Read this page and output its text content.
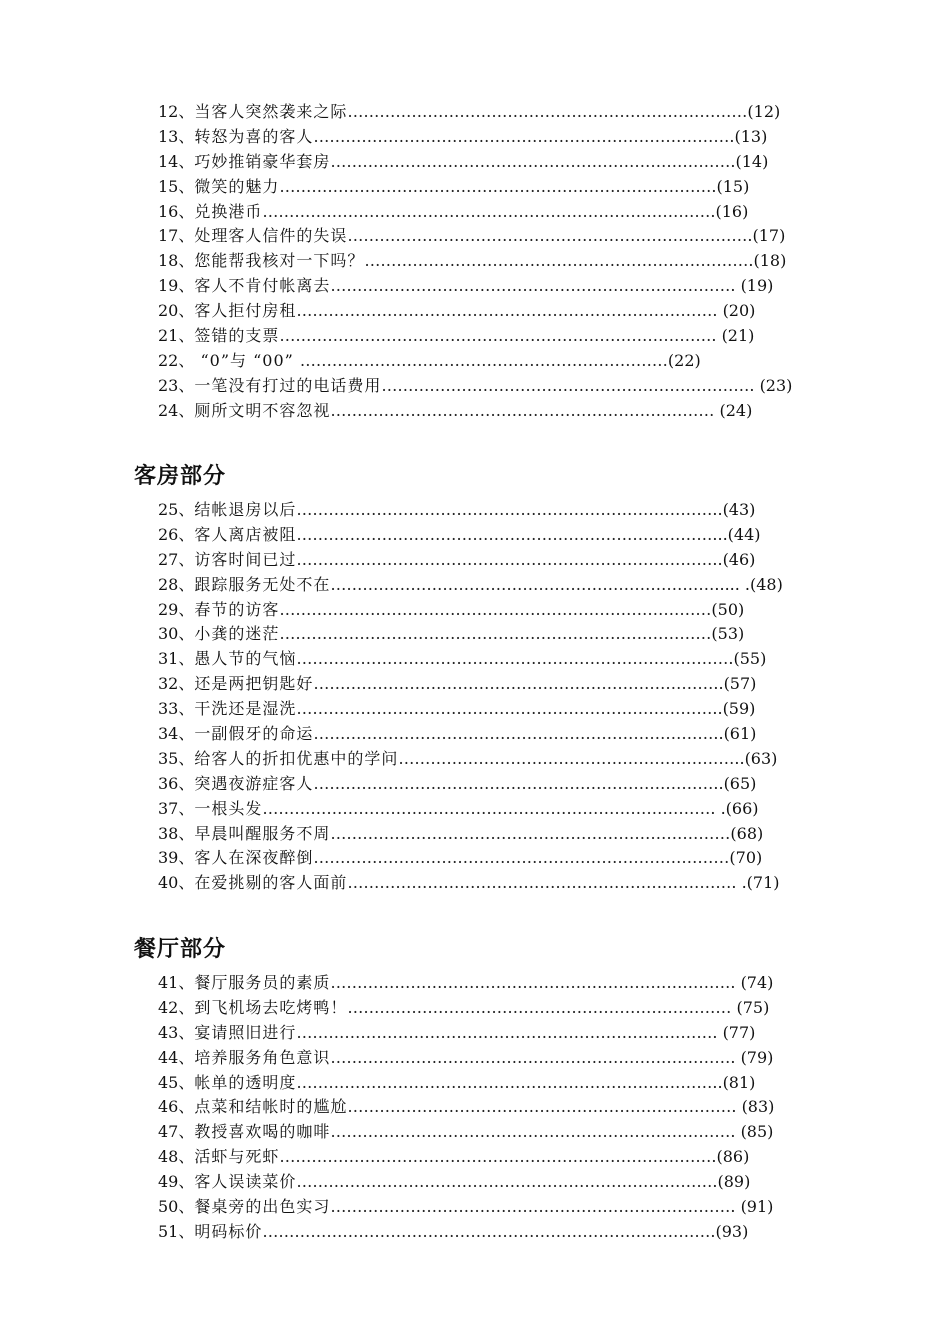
12、当客人突然袭来之际…………………………………………………………………(12)
13、转怒为喜的客人…………………………………………………………………….(13)
14、巧妙推销豪华套房………………………………………………………………….(14)
15、微笑的魅力……………………………………………………………………….(15)
16、兑换港币………………………………………………………………………….(16)
17、处理客人信件的失误………………………………………………………………….(17)
18、您能帮我核对一下吗？……………………………………………………………….(18)
19、客人不肯付帐离去…………………………………………………………………. (19)
20、客人拒付房租……………………………………………………………………. (20)
21、签错的支票………………………………………………………………………. (21)
22、 “0”与 “00” ……………………………………………………………(22)
23、一笔没有打过的电话费用……………………………………………………………. (23)
24、厕所文明不容忽视……………………………………………………………… (24)
客房部分
25、结帐退房以后……………………………………………………………………..(43)
26、客人离店被阻……………………………………………………………………...(44)
27、访客时间已过……………………………………………………………………..(46)
28、跟踪服务无处不在………………………………………………………………..... .(48)
29、春节的访客………………………………………………………………………(50)
30、小龚的迷茫………………………………………………………………………(53)
31、愚人节的气恼……………………………………………………………………….(55)
32、还是两把钥匙好…………………………………………………………………..(57)
33、干洗还是湿洗……………………………………………………………………..(59)
34、一副假牙的命运…………………………………………………………………..(61)
35、给客人的折扣优惠中的学问………………………………………………………..(63)
36、突遇夜游症客人…………………………………………………………………..(65)
37、一根头发…………………………………………………………………………. .(66)
38、早晨叫醒服务不周…………………………………………………………………(68)
39、客人在深夜醉倒……………………………………………………………………(70)
40、在爱挑剔的客人面前………………………………………………………………. .(71)
餐厅部分
41、餐厅服务员的素质…………………………………………………………………. (74)
42、到飞机场去吃烤鸭！……………………………………………………………… (75)
43、宴请照旧进行……………………………………………………………………. (77)
44、培养服务角色意识…………………………………………………………………. (79)
45、帐单的透明度……………………………………………………………………..(81)
46、点菜和结帐时的尴尬………………………………………………………………. (83)
47、教授喜欢喝的咖啡…………………………………………………………………. (85)
48、活虾与死虾……………………………………………………………………….(86)
49、客人误读菜价…………………………………………………………………….(89)
50、餐桌旁的出色实习…………………………………………………………………. (91)
51、明码标价………………………………………………………………………….(93)
